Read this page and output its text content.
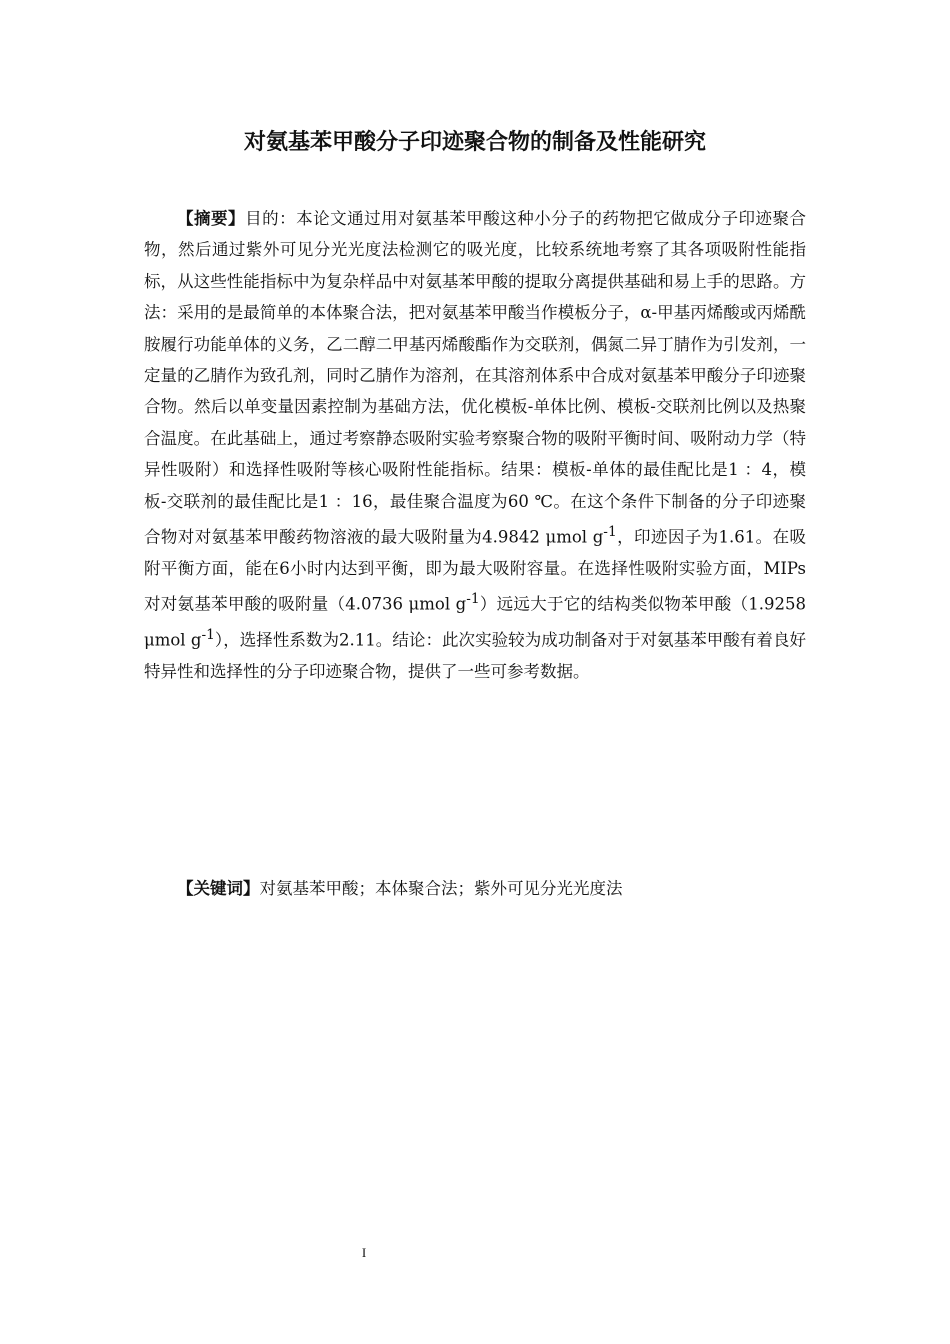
对氨基苯甲酸分子印迹聚合物的制备及性能研究

【摘要】目的：本论文通过用对氨基苯甲酸这种小分子的药物把它做成分子印迹聚合物，然后通过紫外可见分光光度法检测它的吸光度，比较系统地考察了其各项吸附性能指标，从这些性能指标中为复杂样品中对氨基苯甲酸的提取分离提供基础和易上手的思路。方法：采用的是最简单的本体聚合法，把对氨基苯甲酸当作模板分子，α-甲基丙烯酸或丙烯酰胺履行功能单体的义务，乙二醇二甲基丙烯酸酯作为交联剂，偶氮二异丁腈作为引发剂，一定量的乙腈作为致孔剂，同时乙腈作为溶剂，在其溶剂体系中合成对氨基苯甲酸分子印迹聚合物。然后以单变量因素控制为基础方法，优化模板-单体比例、模板-交联剂比例以及热聚合温度。在此基础上，通过考察静态吸附实验考察聚合物的吸附平衡时间、吸附动力学（特异性吸附）和选择性吸附等核心吸附性能指标。结果：模板-单体的最佳配比是1 ：4，模板-交联剂的最佳配比是1 ：16，最佳聚合温度为60 ℃。在这个条件下制备的分子印迹聚合物对对氨基苯甲酸药物溶液的最大吸附量为4.9842 μmol $g^{-1}$，印迹因子为1.61。在吸附平衡方面，能在6小时内达到平衡，即为最大吸附容量。在选择性吸附实验方面，MIPs对对氨基苯甲酸的吸附量（4.0736 μmol $g^{-1}$）远远大于它的结构类似物苯甲酸（1.9258 μmol $g^{-1}$），选择性系数为2.11。结论：此次实验较为成功制备对于对氨基苯甲酸有着良好特异性和选择性的分子印迹聚合物，提供了一些可参考数据。

【关键词】对氨基苯甲酸；本体聚合法；紫外可见分光光度法

I
